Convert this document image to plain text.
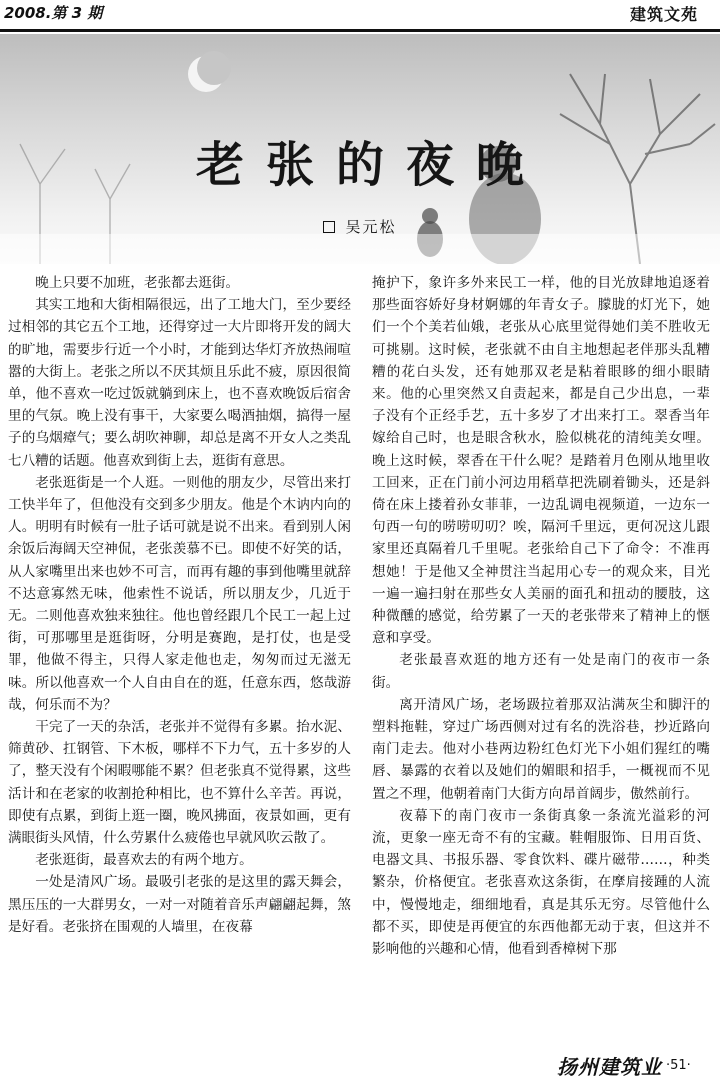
2008.第 3 期	建筑文苑
老张的夜晚
吴元松

晚上只要不加班，老张都去逛街。

其实工地和大街相隔很远，出了工地大门，至少要经过相邻的其它五个工地，还得穿过一大片即将开发的阔大的旷地，需要步行近一个小时，才能到达华灯齐放热闹喧嚣的大街上。老张之所以不厌其烦且乐此不疲，原因很简单，他不喜欢一吃过饭就躺到床上，也不喜欢晚饭后宿舍里的气氛。晚上没有事干，大家要么喝酒抽烟，搞得一屋子的乌烟瘴气；要么胡吹神聊，却总是离不开女人之类乱七八糟的话题。他喜欢到街上去，逛街有意思。

老张逛街是一个人逛。一则他的朋友少，尽管出来打工快半年了，但他没有交到多少朋友。他是个木讷内向的人。明明有时候有一肚子话可就是说不出来。看到别人闲余饭后海阔天空神侃，老张羡慕不已。即使不好笑的话，从人家嘴里出来也妙不可言，而再有趣的事到他嘴里就辞不达意寡然无味，他索性不说话，所以朋友少，几近于无。二则他喜欢独来独往。他也曾经跟几个民工一起上过街，可那哪里是逛街呀，分明是赛跑，是打仗，也是受罪，他做不得主，只得人家走他也走，匆匆而过无滋无味。所以他喜欢一个人自由自在的逛，任意东西，悠哉游哉，何乐而不为？

干完了一天的杂活，老张并不觉得有多累。抬水泥、筛黄砂、扛钢管、下木板，哪样不下力气，五十多岁的人了，整天没有个闲暇哪能不累？但老张真不觉得累，这些活计和在老家的收割抢种相比，也不算什么辛苦。再说，即使有点累，到街上逛一圈，晚风拂面，夜景如画，更有满眼街头风情，什么劳累什么疲倦也早就风吹云散了。

老张逛街，最喜欢去的有两个地方。

一处是清风广场。最吸引老张的是这里的露天舞会，黑压压的一大群男女，一对一对随着音乐声翩翩起舞，煞是好看。老张挤在围观的人墙里，在夜幕

掩护下，象许多外来民工一样，他的目光放肆地追逐着那些面容娇好身材婀娜的年青女子。朦胧的灯光下，她们一个个美若仙娥，老张从心底里觉得她们美不胜收无可挑剔。这时候，老张就不由自主地想起老伴那头乱糟糟的花白头发，还有她那双老是粘着眼眵的细小眼睛来。他的心里突然又自责起来，都是自己少出息，一辈子没有个正经手艺，五十多岁了才出来打工。翠香当年嫁给自己时，也是眼含秋水，脸似桃花的清纯美女哩。晚上这时候，翠香在干什么呢？是踏着月色刚从地里收工回来，正在门前小河边用稻草把洗刷着锄头，还是斜倚在床上搂着孙女菲菲，一边乱调电视频道，一边东一句西一句的唠唠叨叨？唉，隔河千里远，更何况这儿跟家里还真隔着几千里呢。老张给自己下了命令：不准再想她！于是他又全神贯注当起用心专一的观众来，目光一遍一遍扫射在那些女人美丽的面孔和扭动的腰肢，这种微醺的感觉，给劳累了一天的老张带来了精神上的惬意和享受。

老张最喜欢逛的地方还有一处是南门的夜市一条街。

离开清风广场，老场趿拉着那双沾满灰尘和脚汗的塑料拖鞋，穿过广场西侧对过有名的洗浴巷，抄近路向南门走去。他对小巷两边粉红色灯光下小姐们猩红的嘴唇、暴露的衣着以及她们的媚眼和招手，一概视而不见置之不理，他朝着南门大街方向昂首阔步，傲然前行。

夜幕下的南门夜市一条街真象一条流光溢彩的河流，更象一座无奇不有的宝藏。鞋帽服饰、日用百货、电器文具、书报乐器、零食饮料、碟片磁带……，种类繁杂，价格便宜。老张喜欢这条街，在摩肩接踵的人流中，慢慢地走，细细地看，真是其乐无穷。尽管他什么都不买，即使是再便宜的东西他都无动于衷，但这并不影响他的兴趣和心情，他看到香樟树下那

扬州建筑业 ·51·
